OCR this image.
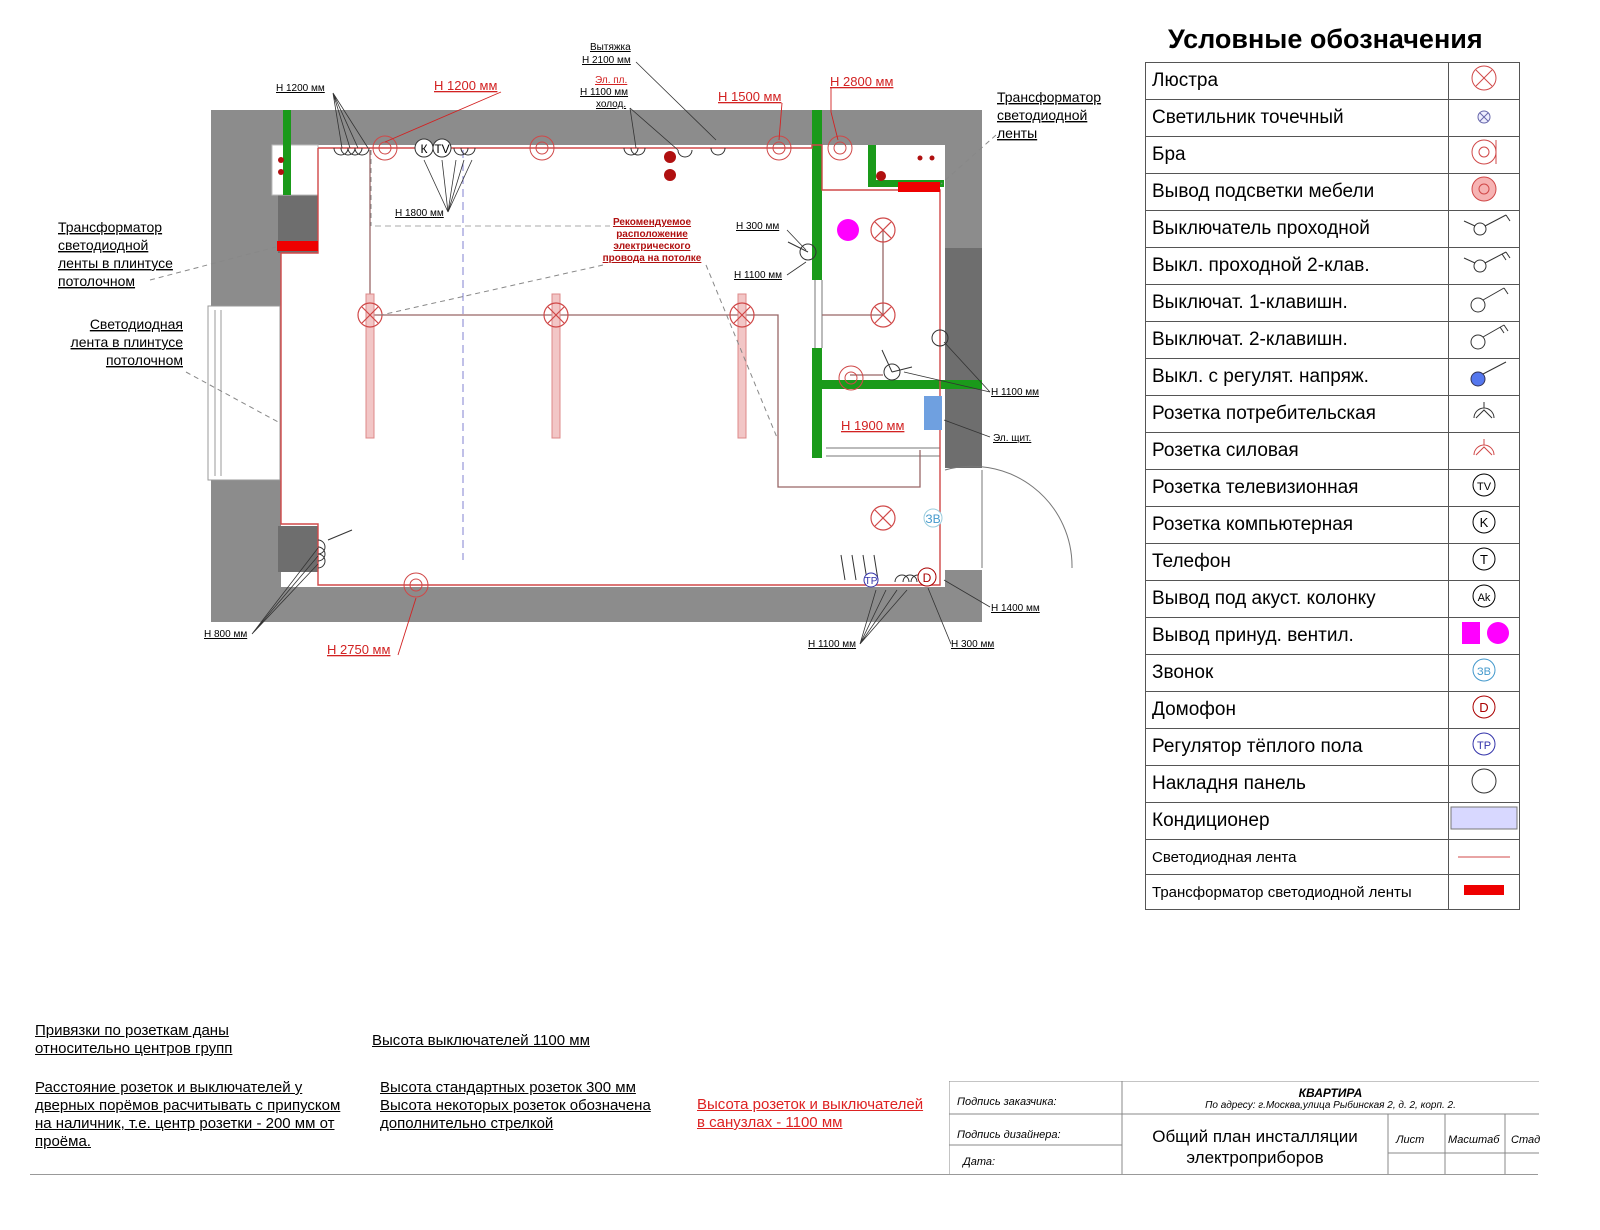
К TV
TP	D
ЗВ
Н 1200 мм	Н 1200 мм
Вытяжка
Н 2100 мм
Эл. пл.
Н 1100 мм
холод.
Н 1500 мм
Н 2800 мм
Трансформатор
светодиодной
ленты
Трансформатор
светодиодной
ленты в плинтусе
потолочном
Светодиодная
лента в плинтусе
потолочном
Н 1800 мм
Рекомендуемое
расположение
электрического
провода на потолке
Н 300 мм
Н 1100 мм
Н 1100 мм
Н 1900 мм
Эл. щит.
Н 1400 мм
Н 300 мм
Н 1100 мм
Н 2750 мм
Н 800 мм
Условные обозначения
Люстра	
Светильник точечный	
Бра	
Вывод подсветки мебели	
Выключатель проходной	
Выкл. проходной 2-клав.	
Выключат. 1-клавишн.	
Выключат. 2-клавишн.	
Выкл. с регулят. напряж.	
Розетка потребительская	
Розетка силовая	
Розетка телевизионная	TV

Розетка компьютерная	K

Телефон	T

Вывод под акуст. колонку	Ak

Вывод принуд. вентил.	
Звонок	ЗВ

Домофон	D

Регулятор тёплого пола	TP

Накладня панель	
Кондиционер	
Светодиодная лента	
Трансформатор светодиодной ленты	
Привязки по розеткам даны
относительно центров групп	Высота выключателей 1100 мм
Расстояние розеток и выключателей у
дверных порёмов расчитывать с припуском
на наличник, т.е. центр розетки - 200 мм от
проёма.
Высота стандартных розеток 300 мм
Высота некоторых розеток обозначена
дополнительно стрелкой
Высота розеток и выключателей
в санузлах - 1100 мм
Подпись заказчика:
Подпись дизайнера:
Дата:
КВАРТИРА
По адресу: г.Москва,улица Рыбинская 2, д. 2, корп. 2.
Общий план инсталляции
электроприборов
Лист Масштаб Стад
